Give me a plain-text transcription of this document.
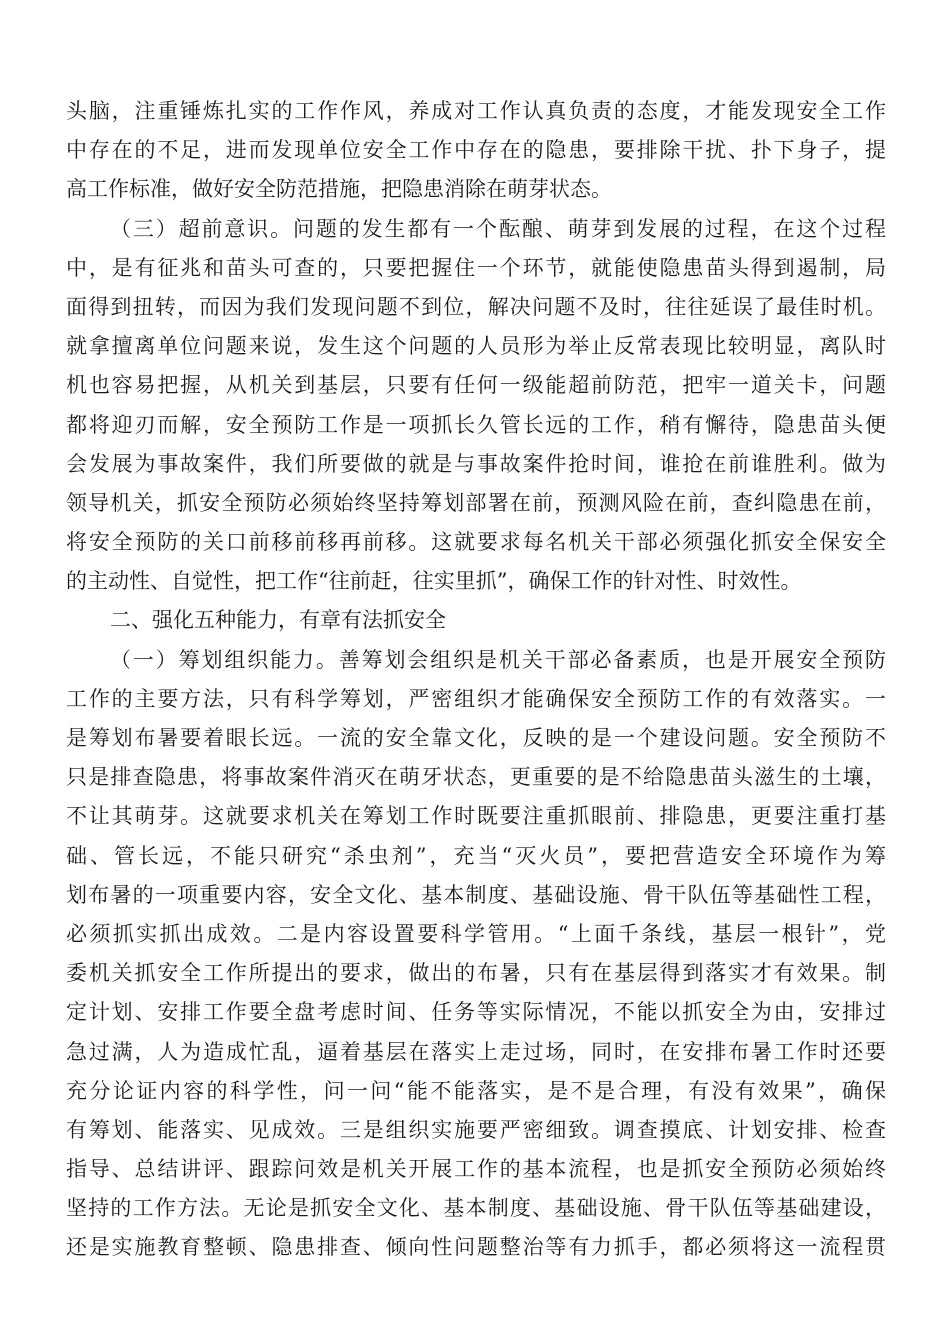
头脑，注重锤炼扎实的工作作风，养成对工作认真负责的态度，才能发现安全工作
中存在的不足，进而发现单位安全工作中存在的隐患，要排除干扰、扑下身子，提
高工作标准，做好安全防范措施，把隐患消除在萌芽状态。
（三）超前意识。问题的发生都有一个酝酿、萌芽到发展的过程，在这个过程
中，是有征兆和苗头可查的，只要把握住一个环节，就能使隐患苗头得到遏制，局
面得到扭转，而因为我们发现问题不到位，解决问题不及时，往往延误了最佳时机。
就拿擅离单位问题来说，发生这个问题的人员形为举止反常表现比较明显，离队时
机也容易把握，从机关到基层，只要有任何一级能超前防范，把牢一道关卡，问题
都将迎刃而解，安全预防工作是一项抓长久管长远的工作，稍有懈待，隐患苗头便
会发展为事故案件，我们所要做的就是与事故案件抢时间，谁抢在前谁胜利。做为
领导机关，抓安全预防必须始终坚持筹划部署在前，预测风险在前，查纠隐患在前，
将安全预防的关口前移前移再前移。这就要求每名机关干部必须强化抓安全保安全
的主动性、自觉性，把工作“往前赶，往实里抓”，确保工作的针对性、时效性。
二、强化五种能力，有章有法抓安全
（一）筹划组织能力。善筹划会组织是机关干部必备素质，也是开展安全预防
工作的主要方法，只有科学筹划，严密组织才能确保安全预防工作的有效落实。一
是筹划布暑要着眼长远。一流的安全靠文化，反映的是一个建设问题。安全预防不
只是排查隐患，将事故案件消灭在萌牙状态，更重要的是不给隐患苗头滋生的土壤，
不让其萌芽。这就要求机关在筹划工作时既要注重抓眼前、排隐患，更要注重打基
础、管长远，不能只研究“杀虫剂”，充当“灭火员”，要把营造安全环境作为筹
划布暑的一项重要内容，安全文化、基本制度、基础设施、骨干队伍等基础性工程，
必须抓实抓出成效。二是内容设置要科学管用。“上面千条线，基层一根针”，党
委机关抓安全工作所提出的要求，做出的布暑，只有在基层得到落实才有效果。制
定计划、安排工作要全盘考虑时间、任务等实际情况，不能以抓安全为由，安排过
急过满，人为造成忙乱，逼着基层在落实上走过场，同时，在安排布暑工作时还要
充分论证内容的科学性，问一问“能不能落实，是不是合理，有没有效果”，确保
有筹划、能落实、见成效。三是组织实施要严密细致。调查摸底、计划安排、检查
指导、总结讲评、跟踪问效是机关开展工作的基本流程，也是抓安全预防必须始终
坚持的工作方法。无论是抓安全文化、基本制度、基础设施、骨干队伍等基础建设，
还是实施教育整顿、隐患排查、倾向性问题整治等有力抓手，都必须将这一流程贯
